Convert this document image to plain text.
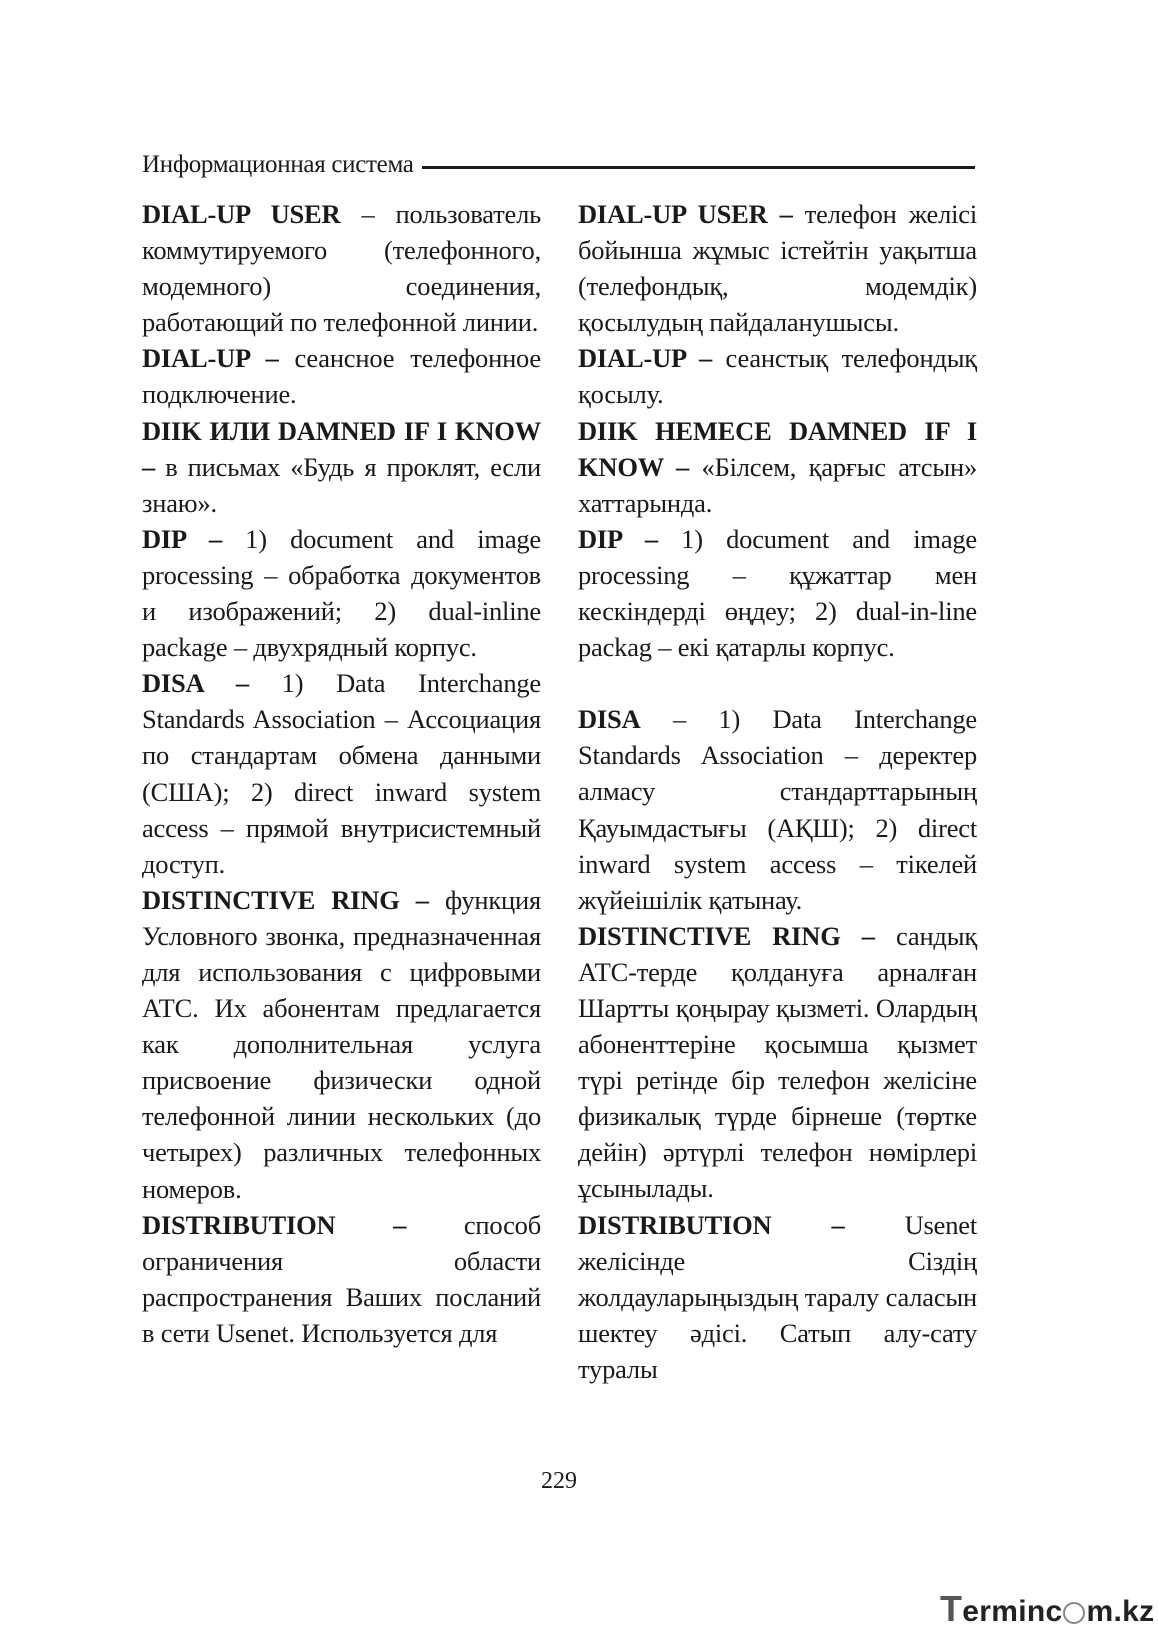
Информационная система

DIAL-UP USER – пользователь коммутируемого (телефонного, модемного) соединения, работающий по телефонной линии.

DIAL-UP – сеансное телефонное подключение.

DIIK ИЛИ DAMNED IF I KNOW – в письмах «Будь я проклят, если знаю».

DIP – 1) document and image processing – обработка документов и изображений; 2) dual-inline package – двухрядный корпус.

DISA – 1) Data Interchange Standards Association – Ассоциация по стандартам обмена данными (США); 2) direct inward system access – прямой внутрисистемный доступ.

DISTINCTIVE RING – функция Условного звонка, предназначенная для использования с цифровыми АТС. Их абонентам предлагается как дополнительная услуга присвоение физически одной телефонной линии нескольких (до четырех) различных телефонных номеров.

DISTRIBUTION – способ ограничения области распространения Ваших посланий в сети Usenet. Используется для

DIAL-UP USER – телефон желісі бойынша жұмыс істейтін уақытша (телефондық, модемдік) қосылудың пайдаланушысы.

DIAL-UP – сеанстық телефондық қосылу.

DIIK НЕМЕСЕ DAMNED IF I KNOW – «Білсем, қарғыс атсын» хаттарында.

DIP – 1) document and image processing – құжаттар мен кескіндерді өңдеу; 2) dual-in-line packag – екі қатарлы корпус.

DISA – 1) Data Interchange Standards Association – деректер алмасу стандарттарының Қауымдастығы (АҚШ); 2) direct inward system access – тікелей жүйеішілік қатынау.

DISTINCTIVE RING – сандық АТС-терде қолдануға арналған Шартты қоңырау қызметі. Олардың абоненттеріне қосымша қызмет түрі ретінде бір телефон желісіне физикалық түрде бірнеше (төртке дейін) әртүрлі телефон нөмірлері ұсынылады.

DISTRIBUTION – Usenet желісінде Сіздің жолдауларыңыздың таралу саласын шектеу әдісі. Сатып алу-сату туралы

229
T erminc m.kz
